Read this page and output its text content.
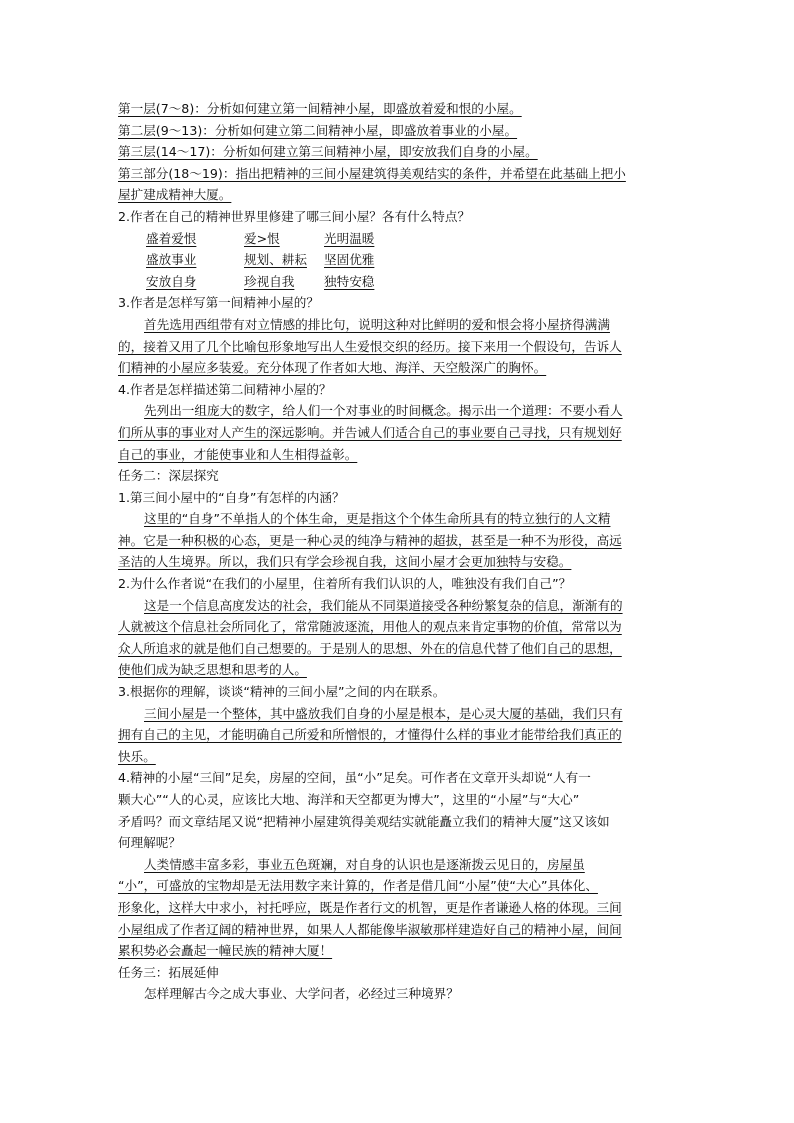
第一层(7～8)：分析如何建立第一间精神小屋，即盛放着爱和恨的小屋。
第二层(9～13)：分析如何建立第二间精神小屋，即盛放着事业的小屋。
第三层(14～17)：分析如何建立第三间精神小屋，即安放我们自身的小屋。
第三部分(18～19)：指出把精神的三间小屋建筑得美观结实的条件，并希望在此基础上把小
屋扩建成精神大厦。
2.作者在自己的精神世界里修建了哪三间小屋？各有什么特点？
盛着爱恨	爱>恨	光明温暖
盛放事业	规划、耕耘 坚固优雅
安放自身	珍视自我 独特安稳
3.作者是怎样写第一间精神小屋的？
首先选用西组带有对立情感的排比句，说明这种对比鲜明的爱和恨会将小屋挤得满满
的，接着又用了几个比喻包形象地写出人生爱恨交织的经历。接下来用一个假设句，告诉人
们精神的小屋应多装爱。充分体现了作者如大地、海洋、天空般深广的胸怀。
4.作者是怎样描述第二间精神小屋的？
先列出一组庞大的数字，给人们一个对事业的时间概念。揭示出一个道理：不要小看人
们所从事的事业对人产生的深远影响。并告诫人们适合自己的事业要自己寻找，只有规划好
自己的事业，才能使事业和人生相得益彰。
任务二：深层探究
1.第三间小屋中的“自身”有怎样的内涵？
这里的“自身”不单指人的个体生命，更是指这个个体生命所具有的特立独行的人文精
神。它是一种积极的心态，更是一种心灵的纯净与精神的超拔，甚至是一种不为形役，高远
圣洁的人生境界。所以，我们只有学会珍视自我，这间小屋才会更加独特与安稳。
2.为什么作者说“在我们的小屋里，住着所有我们认识的人，唯独没有我们自己”？
这是一个信息高度发达的社会，我们能从不同渠道接受各种纷繁复杂的信息，渐渐有的
人就被这个信息社会所同化了，常常随波逐流，用他人的观点来肯定事物的价值，常常以为
众人所追求的就是他们自己想要的。于是别人的思想、外在的信息代替了他们自己的思想，
使他们成为缺乏思想和思考的人。
3.根据你的理解，谈谈“精神的三间小屋”之间的内在联系。
三间小屋是一个整体，其中盛放我们自身的小屋是根本，是心灵大厦的基础，我们只有
拥有自己的主见，才能明确自己所爱和所憎恨的，才懂得什么样的事业才能带给我们真正的
快乐。
4.精神的小屋“三间”足矣，房屋的空间，虽“小”足矣。可作者在文章开头却说“人有一
颗大心”“人的心灵，应该比大地、海洋和天空都更为博大”，这里的“小屋”与“大心”
矛盾吗？而文章结尾又说“把精神小屋建筑得美观结实就能矗立我们的精神大厦”这又该如
何理解呢？
人类情感丰富多彩，事业五色斑斓，对自身的认识也是逐渐拨云见日的，房屋虽
“小”，可盛放的宝物却是无法用数字来计算的，作者是借几间“小屋”使“大心”具体化、
形象化，这样大中求小，衬托呼应，既是作者行文的机智，更是作者谦逊人格的体现。三间
小屋组成了作者辽阔的精神世界，如果人人都能像毕淑敏那样建造好自己的精神小屋，间间
累积势必会矗起一幢民族的精神大厦！
任务三：拓展延伸
怎样理解古今之成大事业、大学问者，必经过三种境界？
